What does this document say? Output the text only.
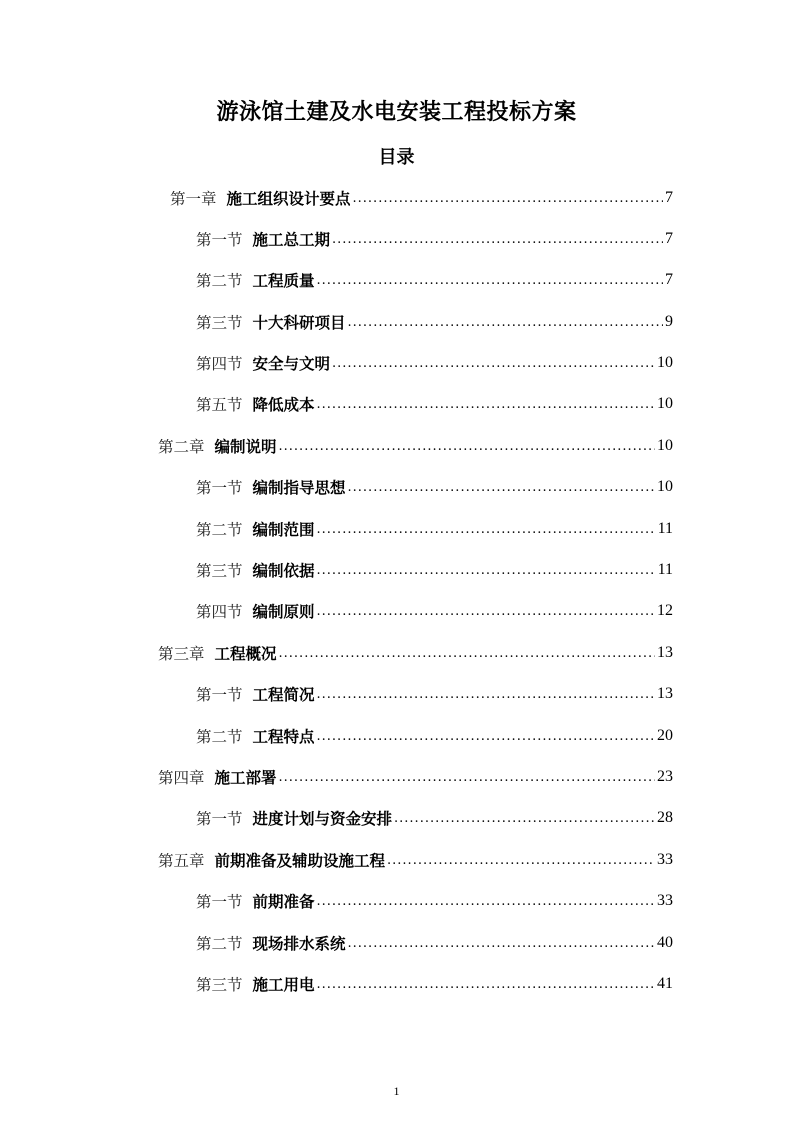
游泳馆土建及水电安装工程投标方案
目录
第一章 施工组织设计要点 .....	7
第一节 施工总工期 .....	7
第二节 工程质量 .....	7
第三节 十大科研项目 .....	9
第四节 安全与文明 .....	10
第五节 降低成本 .....	10
第二章 编制说明 .....	10
第一节 编制指导思想 .....	10
第二节 编制范围 .....	11
第三节 编制依据 .....	11
第四节 编制原则 .....	12
第三章 工程概况 .....	13
第一节 工程简况 .....	13
第二节 工程特点 .....	20
第四章 施工部署 .....	23
第一节 进度计划与资金安排 .....	28
第五章 前期准备及辅助设施工程 .....	33
第一节 前期准备 .....	33
第二节 现场排水系统 .....	40
第三节 施工用电 .....	41
1
